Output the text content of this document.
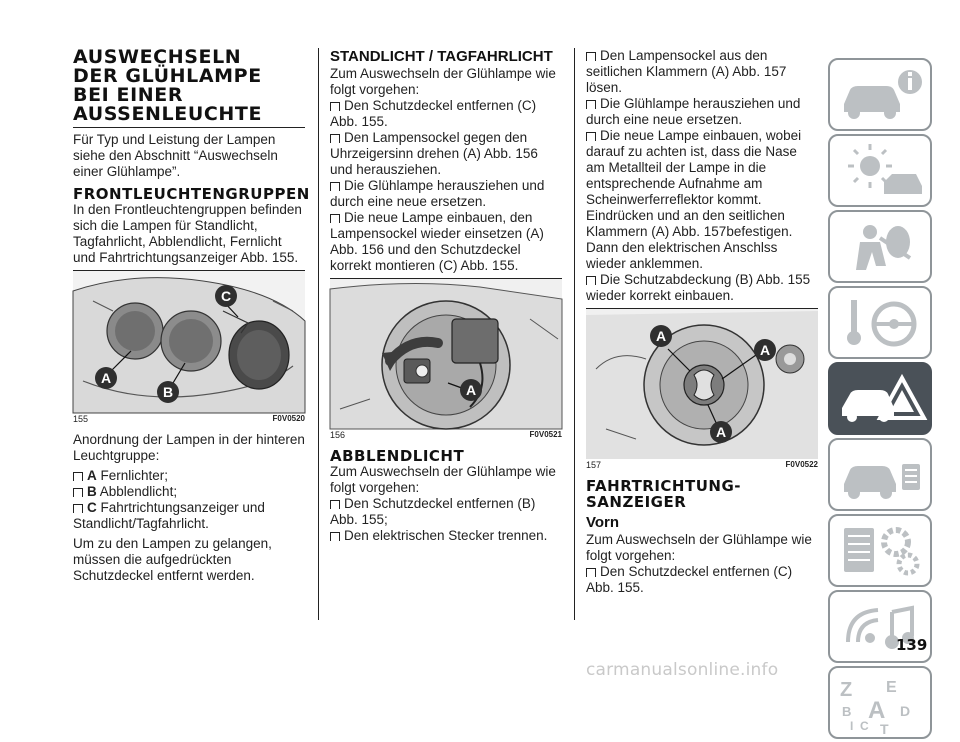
AUSWECHSELN
DER GLÜHLAMPE
BEI EINER
AUSSENLEUCHTE

Für Typ und Leistung der Lampen siehe den Abschnitt “Auswechseln einer Glühlampe”.

FRONTLEUCHTENGRUPPEN

In den Frontleuchtengruppen befinden sich die Lampen für Standlicht, Tagfahrlicht, Abblendlicht, Fernlicht und Fahrtrichtungsanzeiger Abb. 155.

A
B
C
155	F0V0520

Anordnung der Lampen in der hinteren Leuchtgruppe:

A Fernlichter;
B Abblendlicht;
C Fahrtrichtungsanzeiger und Standlicht/Tagfahrlicht.

Um zu den Lampen zu gelangen, müssen die aufgedrückten Schutzdeckel entfernt werden.

STANDLICHT / TAGFAHRLICHT

Zum Auswechseln der Glühlampe wie folgt vorgehen:

Den Schutzdeckel entfernen (C) Abb. 155.
Den Lampensockel gegen den Uhrzeigersinn drehen (A) Abb. 156 und herausziehen.
Die Glühlampe herausziehen und durch eine neue ersetzen.
Die neue Lampe einbauen, den Lampensockel wieder einsetzen (A) Abb. 156 und den Schutzdeckel korrekt montieren (C) Abb. 155.
A
156	F0V0521
ABBLENDLICHT

Zum Auswechseln der Glühlampe wie folgt vorgehen:

Den Schutzdeckel entfernen (B) Abb. 155;
Den elektrischen Stecker trennen.
Den Lampensockel aus den seitlichen Klammern (A) Abb. 157 lösen.
Die Glühlampe herausziehen und durch eine neue ersetzen.
Die neue Lampe einbauen, wobei darauf zu achten ist, dass die Nase am Metallteil der Lampe in die entsprechende Aufnahme am Scheinwerferreflektor kommt. Eindrücken und an den seitlichen Klammern (A) Abb. 157befestigen. Dann den elektrischen Anschlss wieder anklemmen.
Die Schutzabdeckung (B) Abb. 155 wieder korrekt einbauen.
A
A
A
157	F0V0522
FAHRTRICHTUNG-
SANZEIGER
Vorn

Zum Auswechseln der Glühlampe wie folgt vorgehen:

Den Schutzdeckel entfernen (C) Abb. 155.
Z E
B A D
I C T
139
carmanualsonline.info
